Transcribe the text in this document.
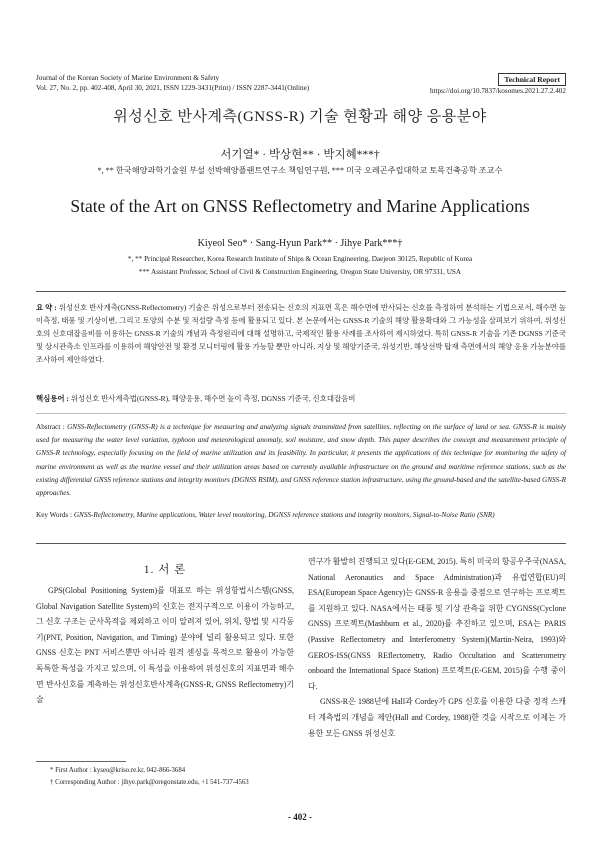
Journal of the Korean Society of Marine Environment & Safety
Vol. 27, No. 2, pp. 402-408, April 30, 2021, ISSN 1229-3431(Print) / ISSN 2287-3441(Online)
Technical Report
https://doi.org/10.7837/kosomes.2021.27.2.402
위성신호 반사계측(GNSS-R) 기술 현황과 해양 응용분야
서기열* · 박상현** · 박지혜***†
*, ** 한국해양과학기술원 부설 선박해양플랜트연구소 책임연구원, *** 미국 오레곤주립대학교 토목건축공학 조교수
State of the Art on GNSS Reflectometry and Marine Applications
Kiyeol Seo* · Sang-Hyun Park** · Jihye Park***†
*, ** Principal Researcher, Korea Research Institute of Ships & Ocean Engineering, Daejeon 30125, Republic of Korea
*** Assistant Professor, School of Civil & Construction Engineering, Oregon State University, OR 97331, USA
요 약 : 위성신호 반사계측(GNSS-Reflectometry) 기술은 위성으로부터 전송되는 신호의 지표면 혹은 해수면에 반사되는 신호를 측정하여 분석하는 기법으로서, 해수면 높이측정, 태풍 및 기상이변, 그리고 토양의 수분 및 적설량 측정 등에 활용되고 있다. 본 논문에서는 GNSS-R 기술의 해양 활용확대와 그 가능성을 살펴보기 위하여, 위성신호의 신호대잡음비를 이용하는 GNSS-R 기술의 개념과 측정원리에 대해 설명하고, 국제적인 활용 사례를 조사하여 제시하였다. 특히 GNSS-R 기술을 기존 DGNSS 기준국 및 상시관측소 인프라를 이용하여 해양안전 및 환경 모니터링에 활용 가능할 뿐만 아니라, 지상 및 해양기준국, 위성기반, 해상선박 탑재 측면에서의 해양 응용 가능분야를 조사하여 제안하였다.
핵심용어 : 위성신호 반사계측법(GNSS-R), 해양응용, 해수면 높이 측정, DGNSS 기준국, 신호대잡음비
Abstract : GNSS-Reflectometry (GNSS-R) is a technique for measuring and analyzing signals transmitted from satellites, reflecting on the surface of land or sea. GNSS-R is mainly used for measuring the water level variation, typhoon and meteorological anomaly, soil moisture, and snow depth. This paper describes the concept and measurement principle of GNSS-R technology, especially focusing on the field of marine utilization and its feasibility. In particular, it presents the applications of this technique for monitoring the safety of marine environment as well as the marine vessel and their utilization areas based on currently available infrastructure on the ground and maritime reference stations, such as the existing differential GNSS reference stations and integrity monitors (DGNSS RSIM), and GNSS reference station infrastructure, using the ground-based and the satellite-based GNSS-R approaches.
Key Words : GNSS-Reflectometry, Marine applications, Water level monitoring, DGNSS reference stations and integrity monitors, Signal-to-Noise Ratio (SNR)
1. 서 론
GPS(Global Positioning System)를 대표로 하는 위성항법시스템(GNSS, Global Navigation Satellite System)의 신호는 전지구적으로 이용이 가능하고, 그 신호 구조는 군사목적을 제외하고 이미 알려져 있어, 위치, 항법 및 시각동기(PNT, Position, Navigation, and Timing) 분야에 널리 활용되고 있다. 또한 GNSS 신호는 PNT 서비스뿐만 아니라 원격 센싱을 목적으로 활용이 가능한 독특한 특성을 가지고 있으며, 이 특성을 이용하여 위성신호의 지표면과 해수면 반사신호를 계측하는 위성신호반사계측(GNSS-R, GNSS Reflectometry)기술

연구가 활발히 진행되고 있다(E-GEM, 2015). 특히 미국의 항공우주국(NASA, National Aeronautics and Space Administration)과 유럽연합(EU)의 ESA(European Space Agency)는 GNSS-R 응용을 중점으로 연구하는 프로젝트를 지원하고 있다. NASA에서는 태풍 및 기상 관측을 위한 CYGNSS(Cyclone GNSS) 프로젝트(Mashburn et al., 2020)를 추진하고 있으며, ESA는 PARIS (Passive Reflectometry and Interferometry System)(Martin-Neira, 1993)와 GEROS-ISS(GNSS REflectometry, Radio Occultation and Scatterometry onboard the International Space Station) 프로젝트(E-GEM, 2015)를 수행 중이다.

GNSS-R은 1988년에 Hall과 Cordey가 GPS 신호를 이용한 다중 정적 스캐터 계측법의 개념을 제안(Hall and Cordey, 1988)한 것을 시작으로 이제는 가용한 모든 GNSS 위성신호

* First Author : kyseo@kriso.re.kr, 042-866-3684
† Corresponding Author : jihye.park@oregonstate.edu, +1 541-737-4563
- 402 -
